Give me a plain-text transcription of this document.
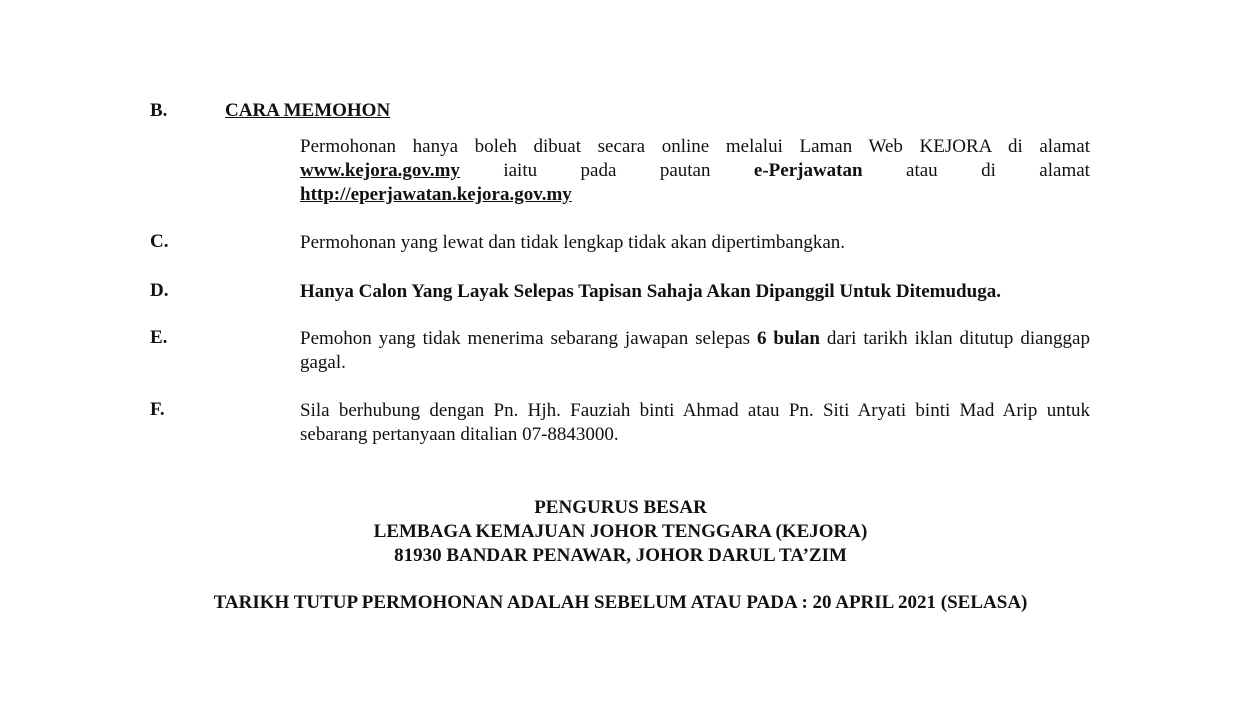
B.	CARA MEMOHON
Permohonan hanya boleh dibuat secara online melalui Laman Web KEJORA di alamat
www.kejora.gov.my iaitu pada pautan e-Perjawatan atau di alamat
http://eperjawatan.kejora.gov.my
C.	Permohonan yang lewat dan tidak lengkap tidak akan dipertimbangkan.
D.	Hanya Calon Yang Layak Selepas Tapisan Sahaja Akan Dipanggil Untuk Ditemuduga.
E.	Pemohon yang tidak menerima sebarang jawapan selepas 6 bulan dari tarikh iklan ditutup dianggap gagal.
F.	Sila berhubung dengan Pn. Hjh. Fauziah binti Ahmad atau Pn. Siti Aryati binti Mad Arip untuk sebarang pertanyaan ditalian 07-8843000.
PENGURUS BESAR
LEMBAGA KEMAJUAN JOHOR TENGGARA (KEJORA)
81930 BANDAR PENAWAR, JOHOR DARUL TA’ZIM
TARIKH TUTUP PERMOHONAN ADALAH SEBELUM ATAU PADA : 20 APRIL 2021 (SELASA)
